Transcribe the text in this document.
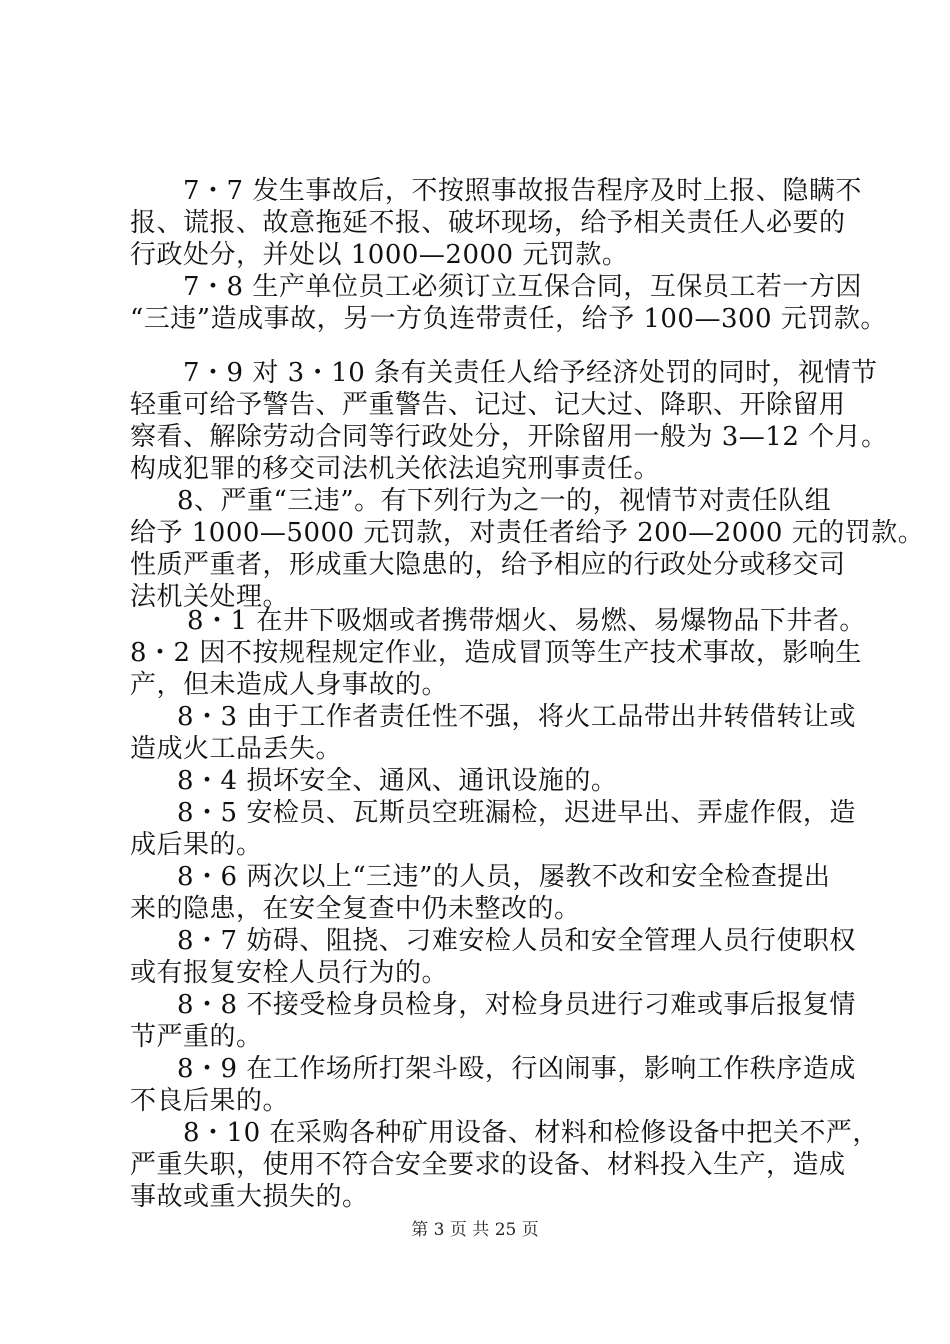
7・7 发生事故后，不按照事故报告程序及时上报、隐瞒不
报、谎报、故意拖延不报、破坏现场，给予相关责任人必要的
行政处分，并处以 1000—2000 元罚款。
7・8 生产单位员工必须订立互保合同，互保员工若一方因
“三违”造成事故，另一方负连带责任，给予 100—300 元罚款。
7・9 对 3・10 条有关责任人给予经济处罚的同时，视情节
轻重可给予警告、严重警告、记过、记大过、降职、开除留用
察看、解除劳动合同等行政处分，开除留用一般为 3—12 个月。
构成犯罪的移交司法机关依法追究刑事责任。
8、严重“三违”。有下列行为之一的，视情节对责任队组
给予 1000—5000 元罚款，对责任者给予 200—2000 元的罚款。
性质严重者，形成重大隐患的，给予相应的行政处分或移交司
法机关处理。
8・1 在井下吸烟或者携带烟火、易燃、易爆物品下井者。
8・2 因不按规程规定作业，造成冒顶等生产技术事故，影响生
产，但未造成人身事故的。
8・3 由于工作者责任性不强，将火工品带出井转借转让或
造成火工品丢失。
8・4 损坏安全、通风、通讯设施的。
8・5 安检员、瓦斯员空班漏检，迟进早出、弄虚作假，造
成后果的。
8・6 两次以上“三违”的人员，屡教不改和安全检查提出
来的隐患，在安全复查中仍未整改的。
8・7 妨碍、阻挠、刁难安检人员和安全管理人员行使职权
或有报复安栓人员行为的。
8・8 不接受检身员检身，对检身员进行刁难或事后报复情
节严重的。
8・9 在工作场所打架斗殴，行凶闹事，影响工作秩序造成
不良后果的。
8・10 在采购各种矿用设备、材料和检修设备中把关不严，
严重失职，使用不符合安全要求的设备、材料投入生产，造成
事故或重大损失的。
第 3 页 共 25 页
